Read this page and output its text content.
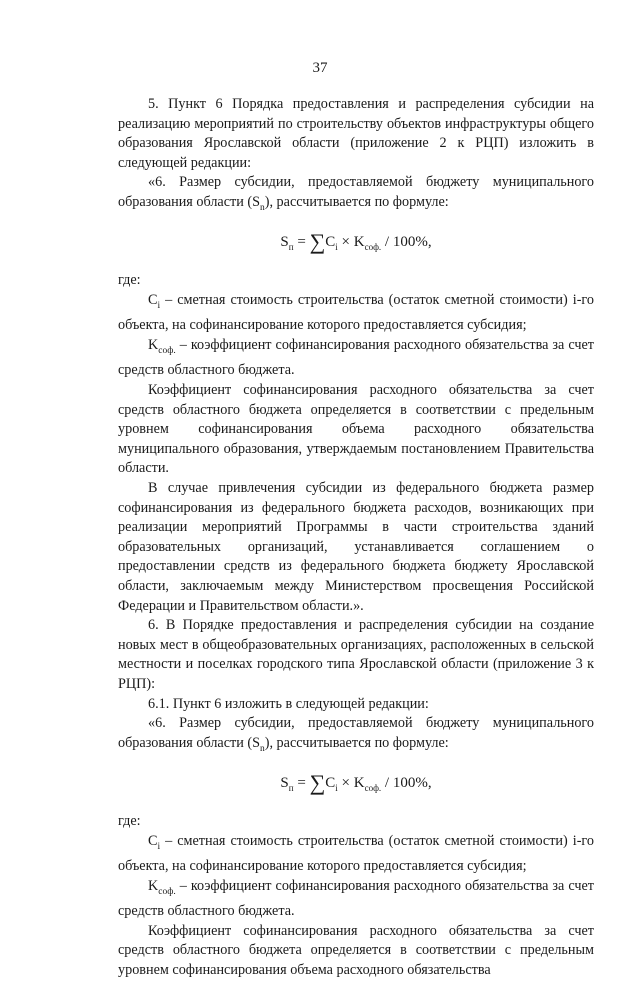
37

5. Пункт 6 Порядка предоставления и распределения субсидии на реализацию мероприятий по строительству объектов инфраструктуры общего образования Ярославской области (приложение 2 к РЦП) изложить в следующей редакции:

«6. Размер субсидии, предоставляемой бюджету муниципального образования области $(S_n)$, рассчитывается по формуле:

$S_п = \sum C_i \times K_{соф.} / 100\%$,

где:

$C_i$ – сметная стоимость строительства (остаток сметной стоимости) i-го объекта, на софинансирование которого предоставляется субсидия;

$K_{соф.}$ – коэффициент софинансирования расходного обязательства за счет средств областного бюджета.

Коэффициент софинансирования расходного обязательства за счет средств областного бюджета определяется в соответствии с предельным уровнем софинансирования объема расходного обязательства муниципального образования, утверждаемым постановлением Правительства области.

В случае привлечения субсидии из федерального бюджета размер софинансирования из федерального бюджета расходов, возникающих при реализации мероприятий Программы в части строительства зданий образовательных организаций, устанавливается соглашением о предоставлении средств из федерального бюджета бюджету Ярославской области, заключаемым между Министерством просвещения Российской Федерации и Правительством области.».

6. В Порядке предоставления и распределения субсидии на создание новых мест в общеобразовательных организациях, расположенных в сельской местности и поселках городского типа Ярославской области (приложение 3 к РЦП):

6.1. Пункт 6 изложить в следующей редакции:

«6. Размер субсидии, предоставляемой бюджету муниципального образования области $(S_n)$, рассчитывается по формуле:

$S_п = \sum C_i \times K_{соф.} / 100\%$,

где:

$C_i$ – сметная стоимость строительства (остаток сметной стоимости) i-го объекта, на софинансирование которого предоставляется субсидия;

$K_{соф.}$ – коэффициент софинансирования расходного обязательства за счет средств областного бюджета.

Коэффициент софинансирования расходного обязательства за счет средств областного бюджета определяется в соответствии с предельным уровнем софинансирования объема расходного обязательства
